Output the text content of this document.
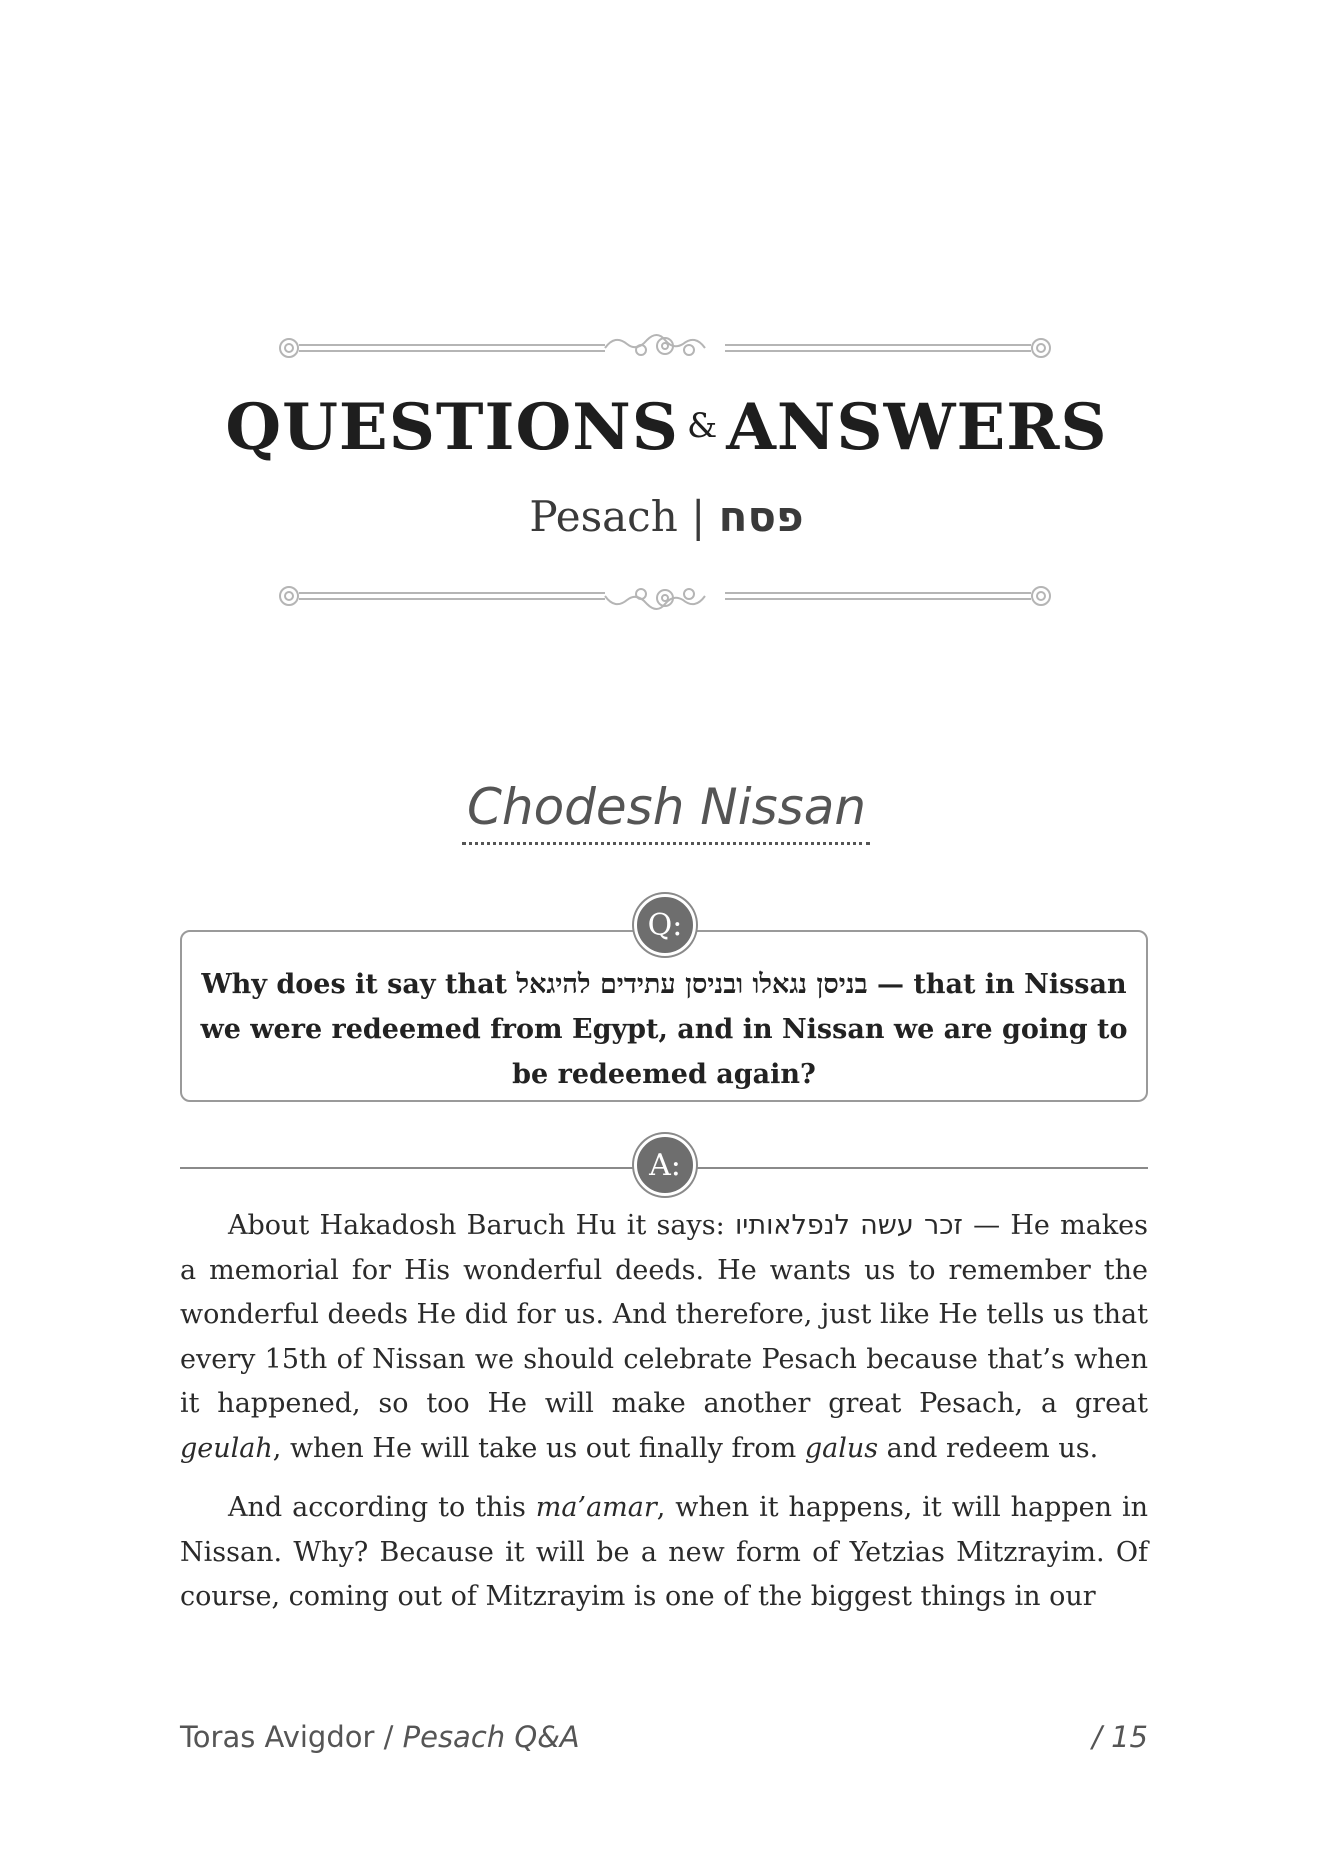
QUESTIONS & ANSWERS
Pesach | פסח
Chodesh Nissan
Q:
Why does it say that בניסן נגאלו ובניסן עתידים להיגאל — that in Nissan we were redeemed from Egypt, and in Nissan we are going to be redeemed again?
A:

About Hakadosh Baruch Hu it says: זכר עשה לנפלאותיו — He makes a memorial for His wonderful deeds. He wants us to remember the wonderful deeds He did for us. And therefore, just like He tells us that every 15th of Nissan we should celebrate Pesach because that’s when it happened, so too He will make another great Pesach, a great geulah, when He will take us out finally from galus and redeem us.

And according to this ma’amar, when it happens, it will happen in Nissan. Why? Because it will be a new form of Yetzias Mitzrayim. Of course, coming out of Mitzrayim is one of the biggest things in our

Toras Avigdor / Pesach Q&A	/ 15
